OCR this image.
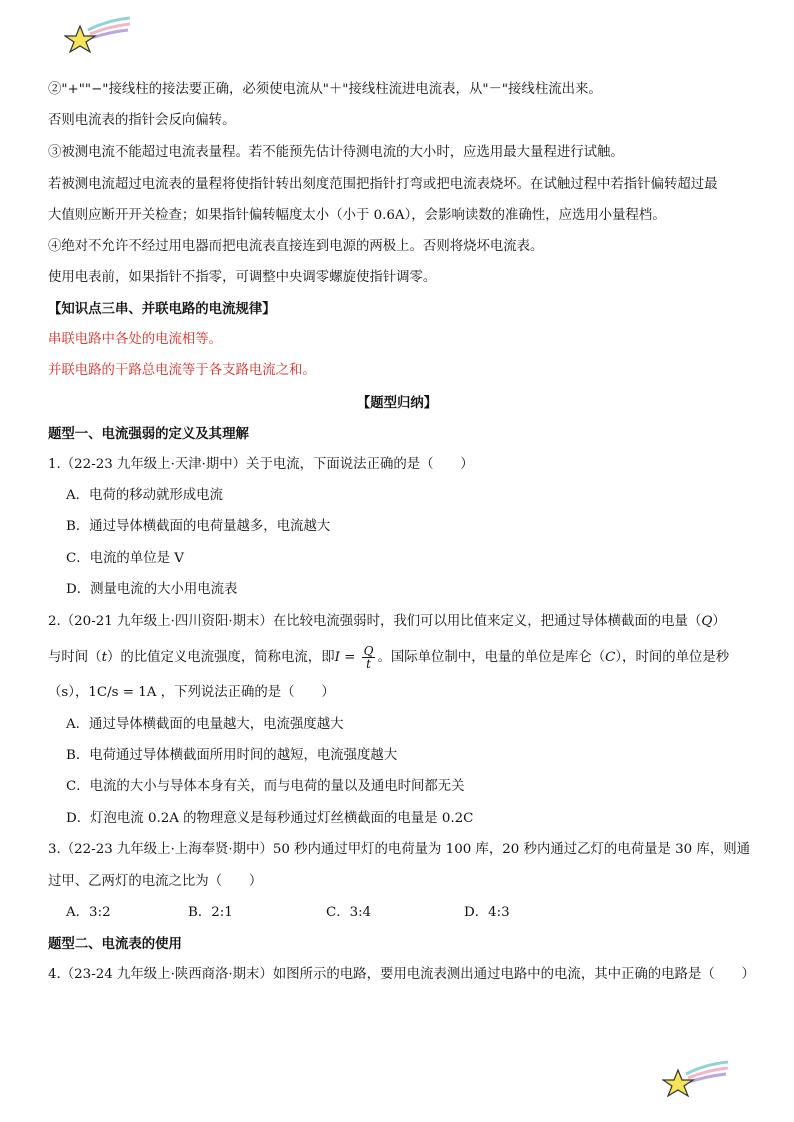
②"+""−"接线柱的接法要正确，必须使电流从"＋"接线柱流进电流表，从"－"接线柱流出来。
否则电流表的指针会反向偏转。
③被测电流不能超过电流表量程。若不能预先估计待测电流的大小时，应选用最大量程进行试触。
若被测电流超过电流表的量程将使指针转出刻度范围把指针打弯或把电流表烧坏。在试触过程中若指针偏转超过最
大值则应断开开关检查；如果指针偏转幅度太小（小于 0.6A），会影响读数的准确性，应选用小量程档。
④绝对不允许不经过用电器而把电流表直接连到电源的两极上。否则将烧坏电流表。
使用电表前，如果指针不指零，可调整中央调零螺旋使指针调零。
【知识点三串、并联电路的电流规律】
串联电路中各处的电流相等。
并联电路的干路总电流等于各支路电流之和。
【题型归纳】
题型一、电流强弱的定义及其理解
1.（22-23 九年级上·天津·期中）关于电流，下面说法正确的是（　　）
A．电荷的移动就形成电流
B．通过导体横截面的电荷量越多，电流越大
C．电流的单位是 V
D．测量电流的大小用电流表
2.（20-21 九年级上·四川资阳·期末）在比较电流强弱时，我们可以用比值来定义，把通过导体横截面的电量（Q）
与时间（t）的比值定义电流强度，简称电流，即$I = \frac{Q}{t}$ 。国际单位制中，电量的单位是库仑（C），时间的单位是秒
（s），1C/s = 1A ，下列说法正确的是（　　）
A．通过导体横截面的电量越大，电流强度越大
B．电荷通过导体横截面所用时间的越短，电流强度越大
C．电流的大小与导体本身有关，而与电荷的量以及通电时间都无关
D．灯泡电流 0.2A 的物理意义是每秒通过灯丝横截面的电量是 0.2C
3.（22-23 九年级上·上海奉贤·期中）50 秒内通过甲灯的电荷量为 100 库，20 秒内通过乙灯的电荷量是 30 库，则通
过甲、乙两灯的电流之比为（　　）
A．3:2	B．2:1	C．3:4	D．4:3
题型二、电流表的使用
4.（23-24 九年级上·陕西商洛·期末）如图所示的电路，要用电流表测出通过电路中的电流，其中正确的电路是（　　）
